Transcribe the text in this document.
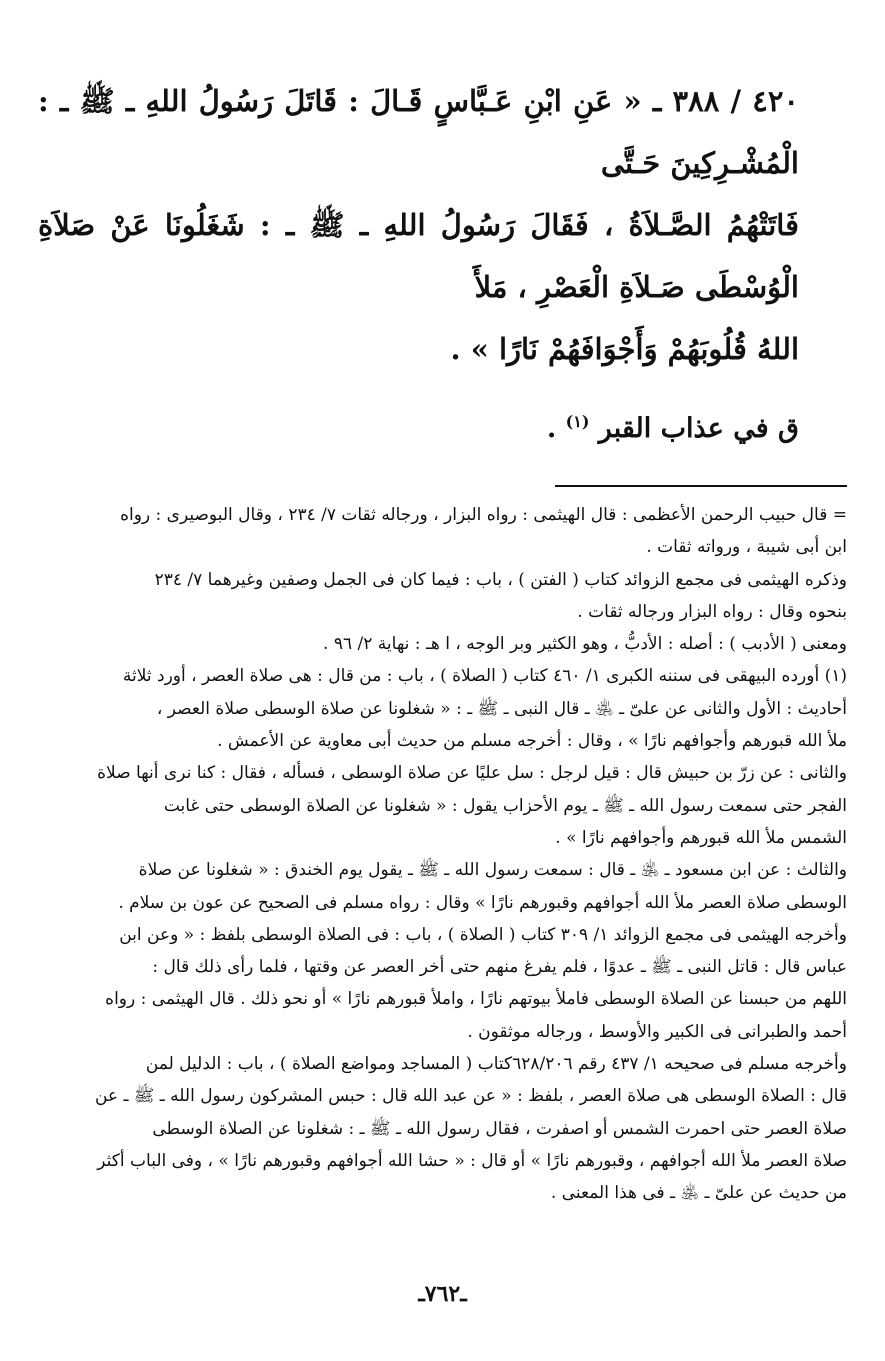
٤٢٠ / ٣٨٨ ـ « عَنِ ابْنِ عَـبَّاسٍ قَـالَ : قَاتَلَ رَسُولُ اللهِ ـ ﷺ ـ : الْمُشْـرِكِينَ حَـتَّى

فَاتَتْهُمُ الصَّـلاَةُ ، فَقَالَ رَسُولُ اللهِ ـ ﷺ ـ : شَغَلُونَا عَنْ صَلاَةِ الْوُسْطَى صَـلاَةِ الْعَصْرِ ، مَلأَ

اللهُ قُلُوبَهُمْ وَأَجْوَافَهُمْ نَارًا » .

ق في عذاب القبر $^{(١)}$ .

= قال حبيب الرحمن الأعظمى : قال الهيثمى : رواه البزار ، ورجاله ثقات ٧/ ٢٣٤ ، وقال البوصيرى : رواه

ابن أبى شيبة ، ورواته ثقات .

وذكره الهيثمى فى مجمع الزوائد كتاب ( الفتن ) ، باب : فيما كان فى الجمل وصفين وغيرهما ٧/ ٢٣٤

بنحوه وقال : رواه البزار ورجاله ثقات .

ومعنى ( الأدبب ) : أصله : الأدبُّ ، وهو الكثير وبر الوجه ، ا هـ : نهاية ٢/ ٩٦ .

(١) أورده البيهقى فى سننه الكبرى ١/ ٤٦٠ كتاب ( الصلاة ) ، باب : من قال : هى صلاة العصر ، أورد ثلاثة

أحاديث : الأول والثانى عن علىّ ـ ﵁ ـ قال النبى ـ ﷺ ـ : « شغلونا عن صلاة الوسطى صلاة العصر ،

ملأ الله قبورهم وأجوافهم نارًا » ، وقال : أخرجه مسلم من حديث أبى معاوية عن الأعمش .

والثانى : عن زرّ بن حبيش قال : قيل لرجل : سل عليًا عن صلاة الوسطى ، فسأله ، فقال : كنا نرى أنها صلاة

الفجر حتى سمعت رسول الله ـ ﷺ ـ يوم الأحزاب يقول : « شغلونا عن الصلاة الوسطى حتى غابت

الشمس ملأ الله قبورهم وأجوافهم نارًا » .

والثالث : عن ابن مسعود ـ ﵁ ـ قال : سمعت رسول الله ـ ﷺ ـ يقول يوم الخندق : « شغلونا عن صلاة

الوسطى صلاة العصر ملأ الله أجوافهم وقبورهم نارًا » وقال : رواه مسلم فى الصحيح عن عون بن سلام .

وأخرجه الهيثمى فى مجمع الزوائد ١/ ٣٠٩ كتاب ( الصلاة ) ، باب : فى الصلاة الوسطى بلفظ : « وعن ابن

عباس قال : قاتل النبى ـ ﷺ ـ عدوًا ، فلم يفرغ منهم حتى أخر العصر عن وقتها ، فلما رأى ذلك قال :

اللهم من حبسنا عن الصلاة الوسطى فاملأ بيوتهم نارًا ، واملأ قبورهم نارًا » أو نحو ذلك . قال الهيثمى : رواه

أحمد والطبرانى فى الكبير والأوسط ، ورجاله موثقون .

وأخرجه مسلم فى صحيحه ١/ ٤٣٧ رقم ٦٢٨/٢٠٦كتاب ( المساجد ومواضع الصلاة ) ، باب : الدليل لمن

قال : الصلاة الوسطى هى صلاة العصر ، بلفظ : « عن عبد الله قال : حبس المشركون رسول الله ـ ﷺ ـ عن

صلاة العصر حتى احمرت الشمس أو اصفرت ، فقال رسول الله ـ ﷺ ـ : شغلونا عن الصلاة الوسطى

صلاة العصر ملأ الله أجوافهم ، وقبورهم نارًا » أو قال : « حشا الله أجوافهم وقبورهم نارًا » ، وفى الباب أكثر

من حديث عن علىّ ـ ﵁ ـ فى هذا المعنى .

ـ٧٦٢ـ
